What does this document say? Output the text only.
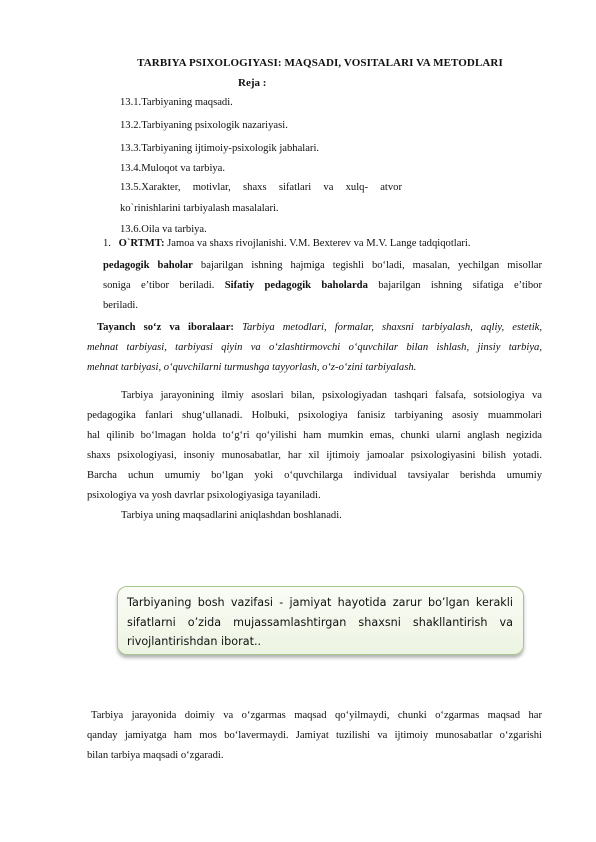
TARBIYA PSIXOLOGIYASI: MAQSADI, VOSITALARI VA METODLARI
Reja :
13.1.Tarbiyaning maqsadi.
13.2.Tarbiyaning psixologik nazariyasi.
13.3.Tarbiyaning ijtimoiy-psixologik jabhalari.
13.4.Muloqot va tarbiya.
13.5.Xarakter, motivlar, shaxs sifatlari va xulq- atvor
ko`rinishlarini tarbiyalash masalalari.
13.6.Oila va tarbiya.
1. O`RTMT: Jamoa va shaxs rivojlanishi. V.M. Bexterev va M.V. Lange tadqiqotlari.
pedagogik baholar bajarilgan ishning hajmiga tegishli bo‘ladi, masalan, yechilgan misollar
soniga e’tibor beriladi. Sifatiy pedagogik baholarda bajarilgan ishning sifatiga e’tibor
beriladi.
Tayanch so‘z va iboralaar: Tarbiya metodlari, formalar, shaxsni tarbiyalash, aqliy, estetik,
mehnat tarbiyasi, tarbiyasi qiyin va o‘zlashtirmovchi o‘quvchilar bilan ishlash, jinsiy tarbiya,
mehnat tarbiyasi, o‘quvchilarni turmushga tayyorlash, o‘z-o‘zini tarbiyalash.
Tarbiya jarayonining ilmiy asoslari bilan, psixologiyadan tashqari falsafa, sotsiologiya va
pedagogika fanlari shug‘ullanadi. Holbuki, psixologiya fanisiz tarbiyaning asosiy muammolari
hal qilinib bo‘lmagan holda to‘g‘ri qo‘yilishi ham mumkin emas, chunki ularni anglash negizida
shaxs psixologiyasi, insoniy munosabatlar, har xil ijtimoiy jamoalar psixologiyasini bilish yotadi.
Barcha uchun umumiy bo‘lgan yoki o‘quvchilarga individual tavsiyalar berishda umumiy
psixologiya va yosh davrlar psixologiyasiga tayaniladi.
Tarbiya uning maqsadlarini aniqlashdan boshlanadi.
Tarbiyaning bosh vazifasi - jamiyat hayotida zarur bo’lgan kerakli sifatlarni o’zida mujassamlashtirgan shaxsni shakllantirish va rivojlantirishdan iborat..
Tarbiya jarayonida doimiy va o‘zgarmas maqsad qo‘yilmaydi, chunki o‘zgarmas maqsad har
qanday jamiyatga ham mos bo‘lavermaydi. Jamiyat tuzilishi va ijtimoiy munosabatlar o‘zgarishi
bilan tarbiya maqsadi o‘zgaradi.
